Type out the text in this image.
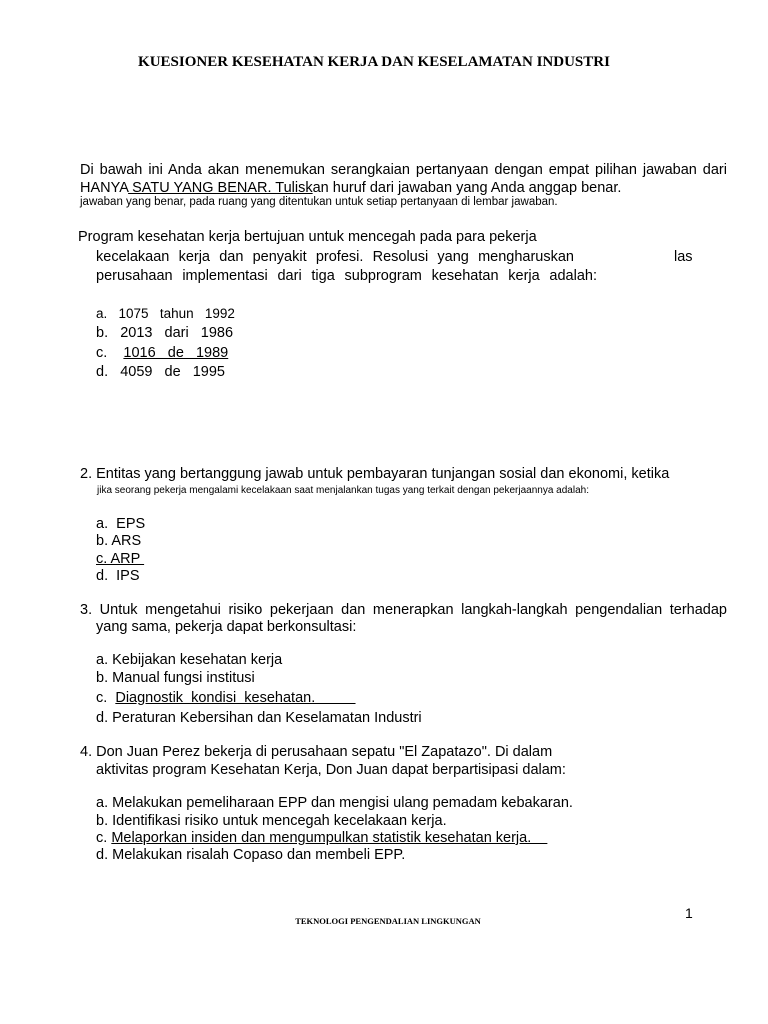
KUESIONER KESEHATAN KERJA DAN KESELAMATAN INDUSTRI
Di bawah ini Anda akan menemukan serangkaian pertanyaan dengan empat pilihan jawaban dari
HANYA SATU YANG BENAR. Tuliskan huruf dari jawaban yang Anda anggap benar.
jawaban yang benar, pada ruang yang ditentukan untuk setiap pertanyaan di lembar jawaban.
Program kesehatan kerja bertujuan untuk mencegah pada para pekerja
kecelakaan kerja dan penyakit profesi. Resolusi yang mengharuskan	las
perusahaan implementasi dari tiga subprogram kesehatan kerja adalah:
a. 1075   tahun   1992
b. 2013   dari   1986
c. 1016   de   1989
d. 4059   de   1995
2. Entitas yang bertanggung jawab untuk pembayaran tunjangan sosial dan ekonomi, ketika
jika seorang pekerja mengalami kecelakaan saat menjalankan tugas yang terkait dengan pekerjaannya adalah:
a.  EPS
b. ARS
c. ARP
d.  IPS
3. Untuk mengetahui risiko pekerjaan dan menerapkan langkah-langkah pengendalian terhadap
yang sama, pekerja dapat berkonsultasi:
a. Kebijakan kesehatan kerja
b. Manual fungsi institusi
c. Diagnostik  kondisi  kesehatan.
d. Peraturan Kebersihan dan Keselamatan Industri
4. Don Juan Perez bekerja di perusahaan sepatu "El Zapatazo". Di dalam
aktivitas program Kesehatan Kerja, Don Juan dapat berpartisipasi dalam:
a. Melakukan pemeliharaan EPP dan mengisi ulang pemadam kebakaran.
b. Identifikasi risiko untuk mencegah kecelakaan kerja.
c. Melaporkan insiden dan mengumpulkan statistik kesehatan kerja.
d. Melakukan risalah Copaso dan membeli EPP.
1
TEKNOLOGI PENGENDALIAN LINGKUNGAN
